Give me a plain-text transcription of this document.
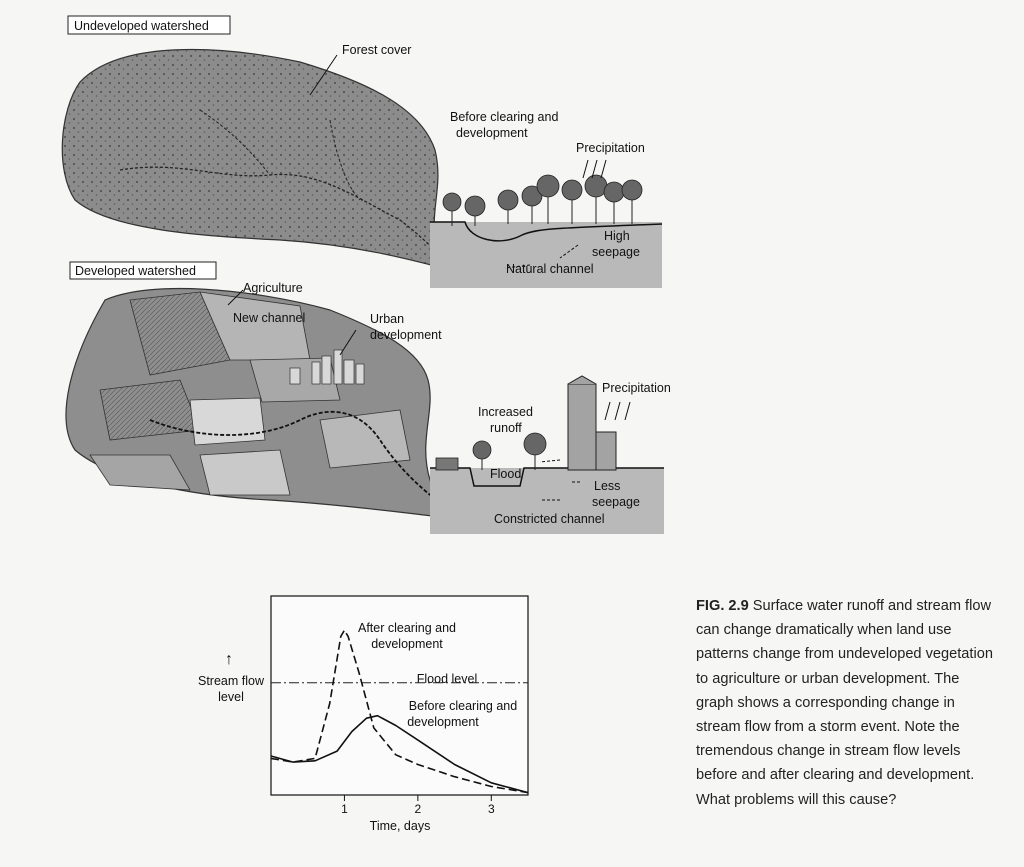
Undeveloped watershed
Forest cover
Before clearing and
development
Precipitation
High
seepage
Natural channel
Developed watershed
Agriculture
New channel	Urban
development
Increased
runoff
Precipitation
Flood
Less
seepage
Constricted channel
↑
Stream flow
level
Time, days
After clearing and
development
Flood level
Before clearing and
development
1	2	3
FIG. 2.9 Surface water runoff and stream flow can change dramatically when land use patterns change from undeveloped vegetation to agriculture or urban development. The graph shows a corresponding change in stream flow from a storm event. Note the tremendous change in stream flow levels before and after clearing and development. What problems will this cause?
